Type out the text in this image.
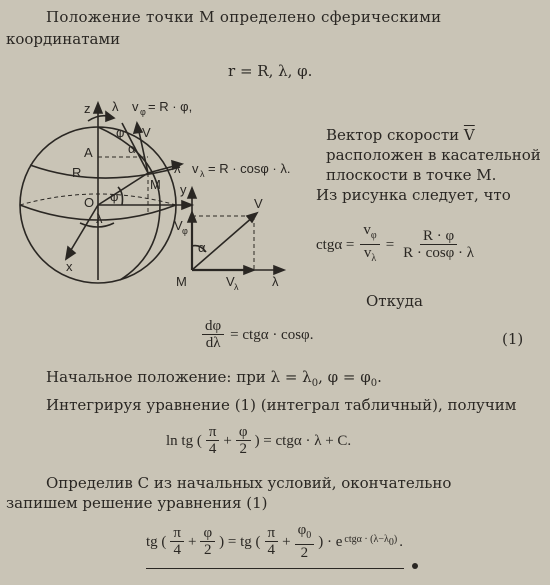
Положение точки М определено сферическими
координатами
r = R, λ, φ.
z λ v φ = R · φ,
φ V
α
A
R
M
λ v λ = R · cosφ · λ.
O φ
λ
x
y
V
V φ
α
M	V λ	λ
Вектор скорости $\overline{V}$
расположен в касательной
плоскости в точке М.
Из рисунка следует, что
$ctg\alpha = \frac{v_\varphi}{v_\lambda} = \frac{R \cdot \varphi}{R \cdot \cos\varphi \cdot \lambda}$
Откуда
$\frac{d\varphi}{d\lambda} = ctg\alpha \cdot \cos\varphi$.	(1)
Начальное положение: при $\lambda = \lambda_0$, $\varphi = \varphi_0$.
Интегрируя уравнение (1) (интеграл табличный), получим
ln tg ( $\frac{\pi}{4} + \frac{\varphi}{2}$ ) = ctgα · λ + C.
Определив C из начальных условий, окончательно
запишем решение уравнения (1)
tg ( $\frac{\pi}{4} + \frac{\varphi}{2}$ ) = tg ( $\frac{\pi}{4} + \frac{\varphi_0}{2}$ ) · e $ctg\alpha \cdot (\lambda-\lambda_0)$ .
